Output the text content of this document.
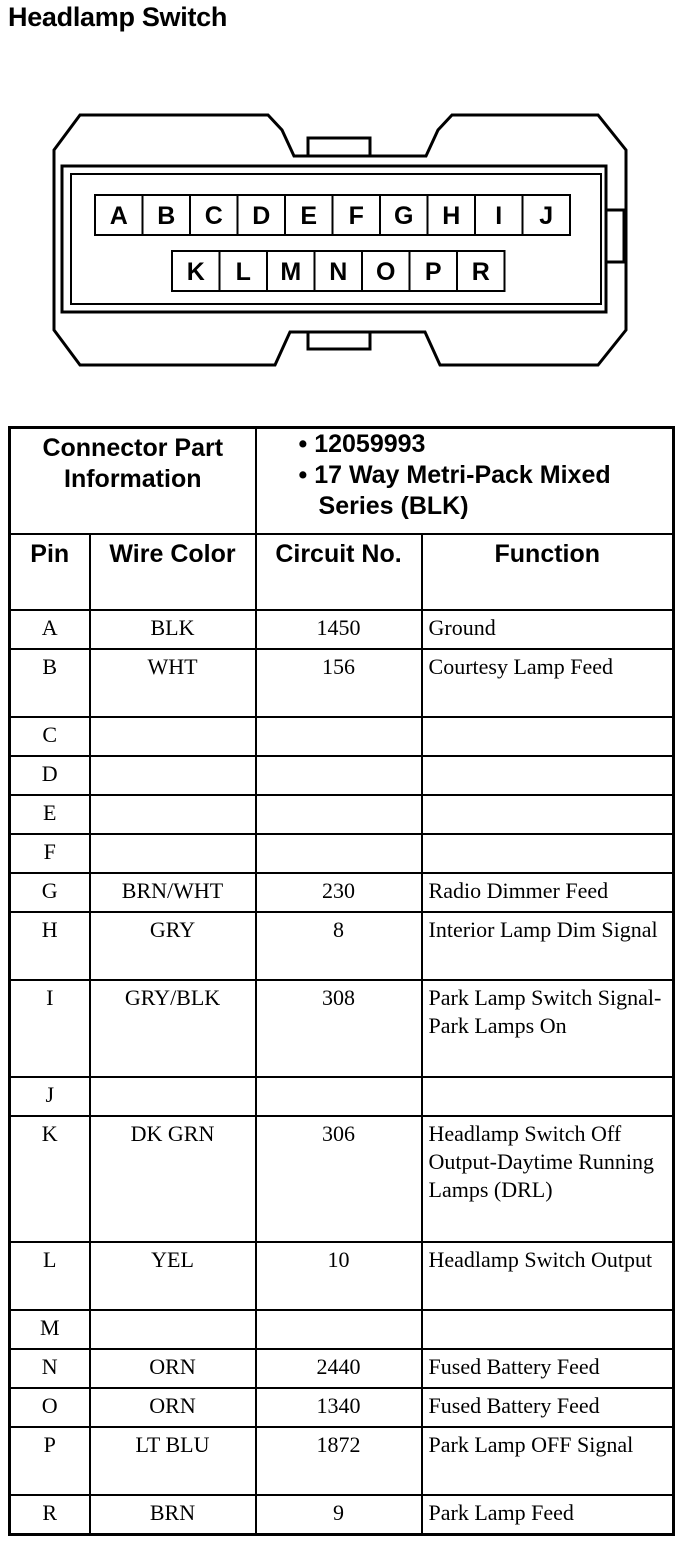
Headlamp Switch
A B C D E F G H I J
K L M N O P R
Connector Part Information		• 12059993
• 17 Way Metri-Pack Mixed Series (BLK)	

Pin	Wire Color	Circuit No.	Function
A	BLK	1450	Ground
B	WHT	156	Courtesy Lamp Feed
C			
D			
E			
F			
G	BRN/WHT	230	Radio Dimmer Feed
H	GRY	8	Interior Lamp Dim Signal
I	GRY/BLK	308	Park Lamp Switch Signal-Park Lamps On
J			
K	DK GRN	306	Headlamp Switch Off Output-Daytime Running Lamps (DRL)
L	YEL	10	Headlamp Switch Output
M			
N	ORN	2440	Fused Battery Feed
O	ORN	1340	Fused Battery Feed
P	LT BLU	1872	Park Lamp OFF Signal
R	BRN	9	Park Lamp Feed
